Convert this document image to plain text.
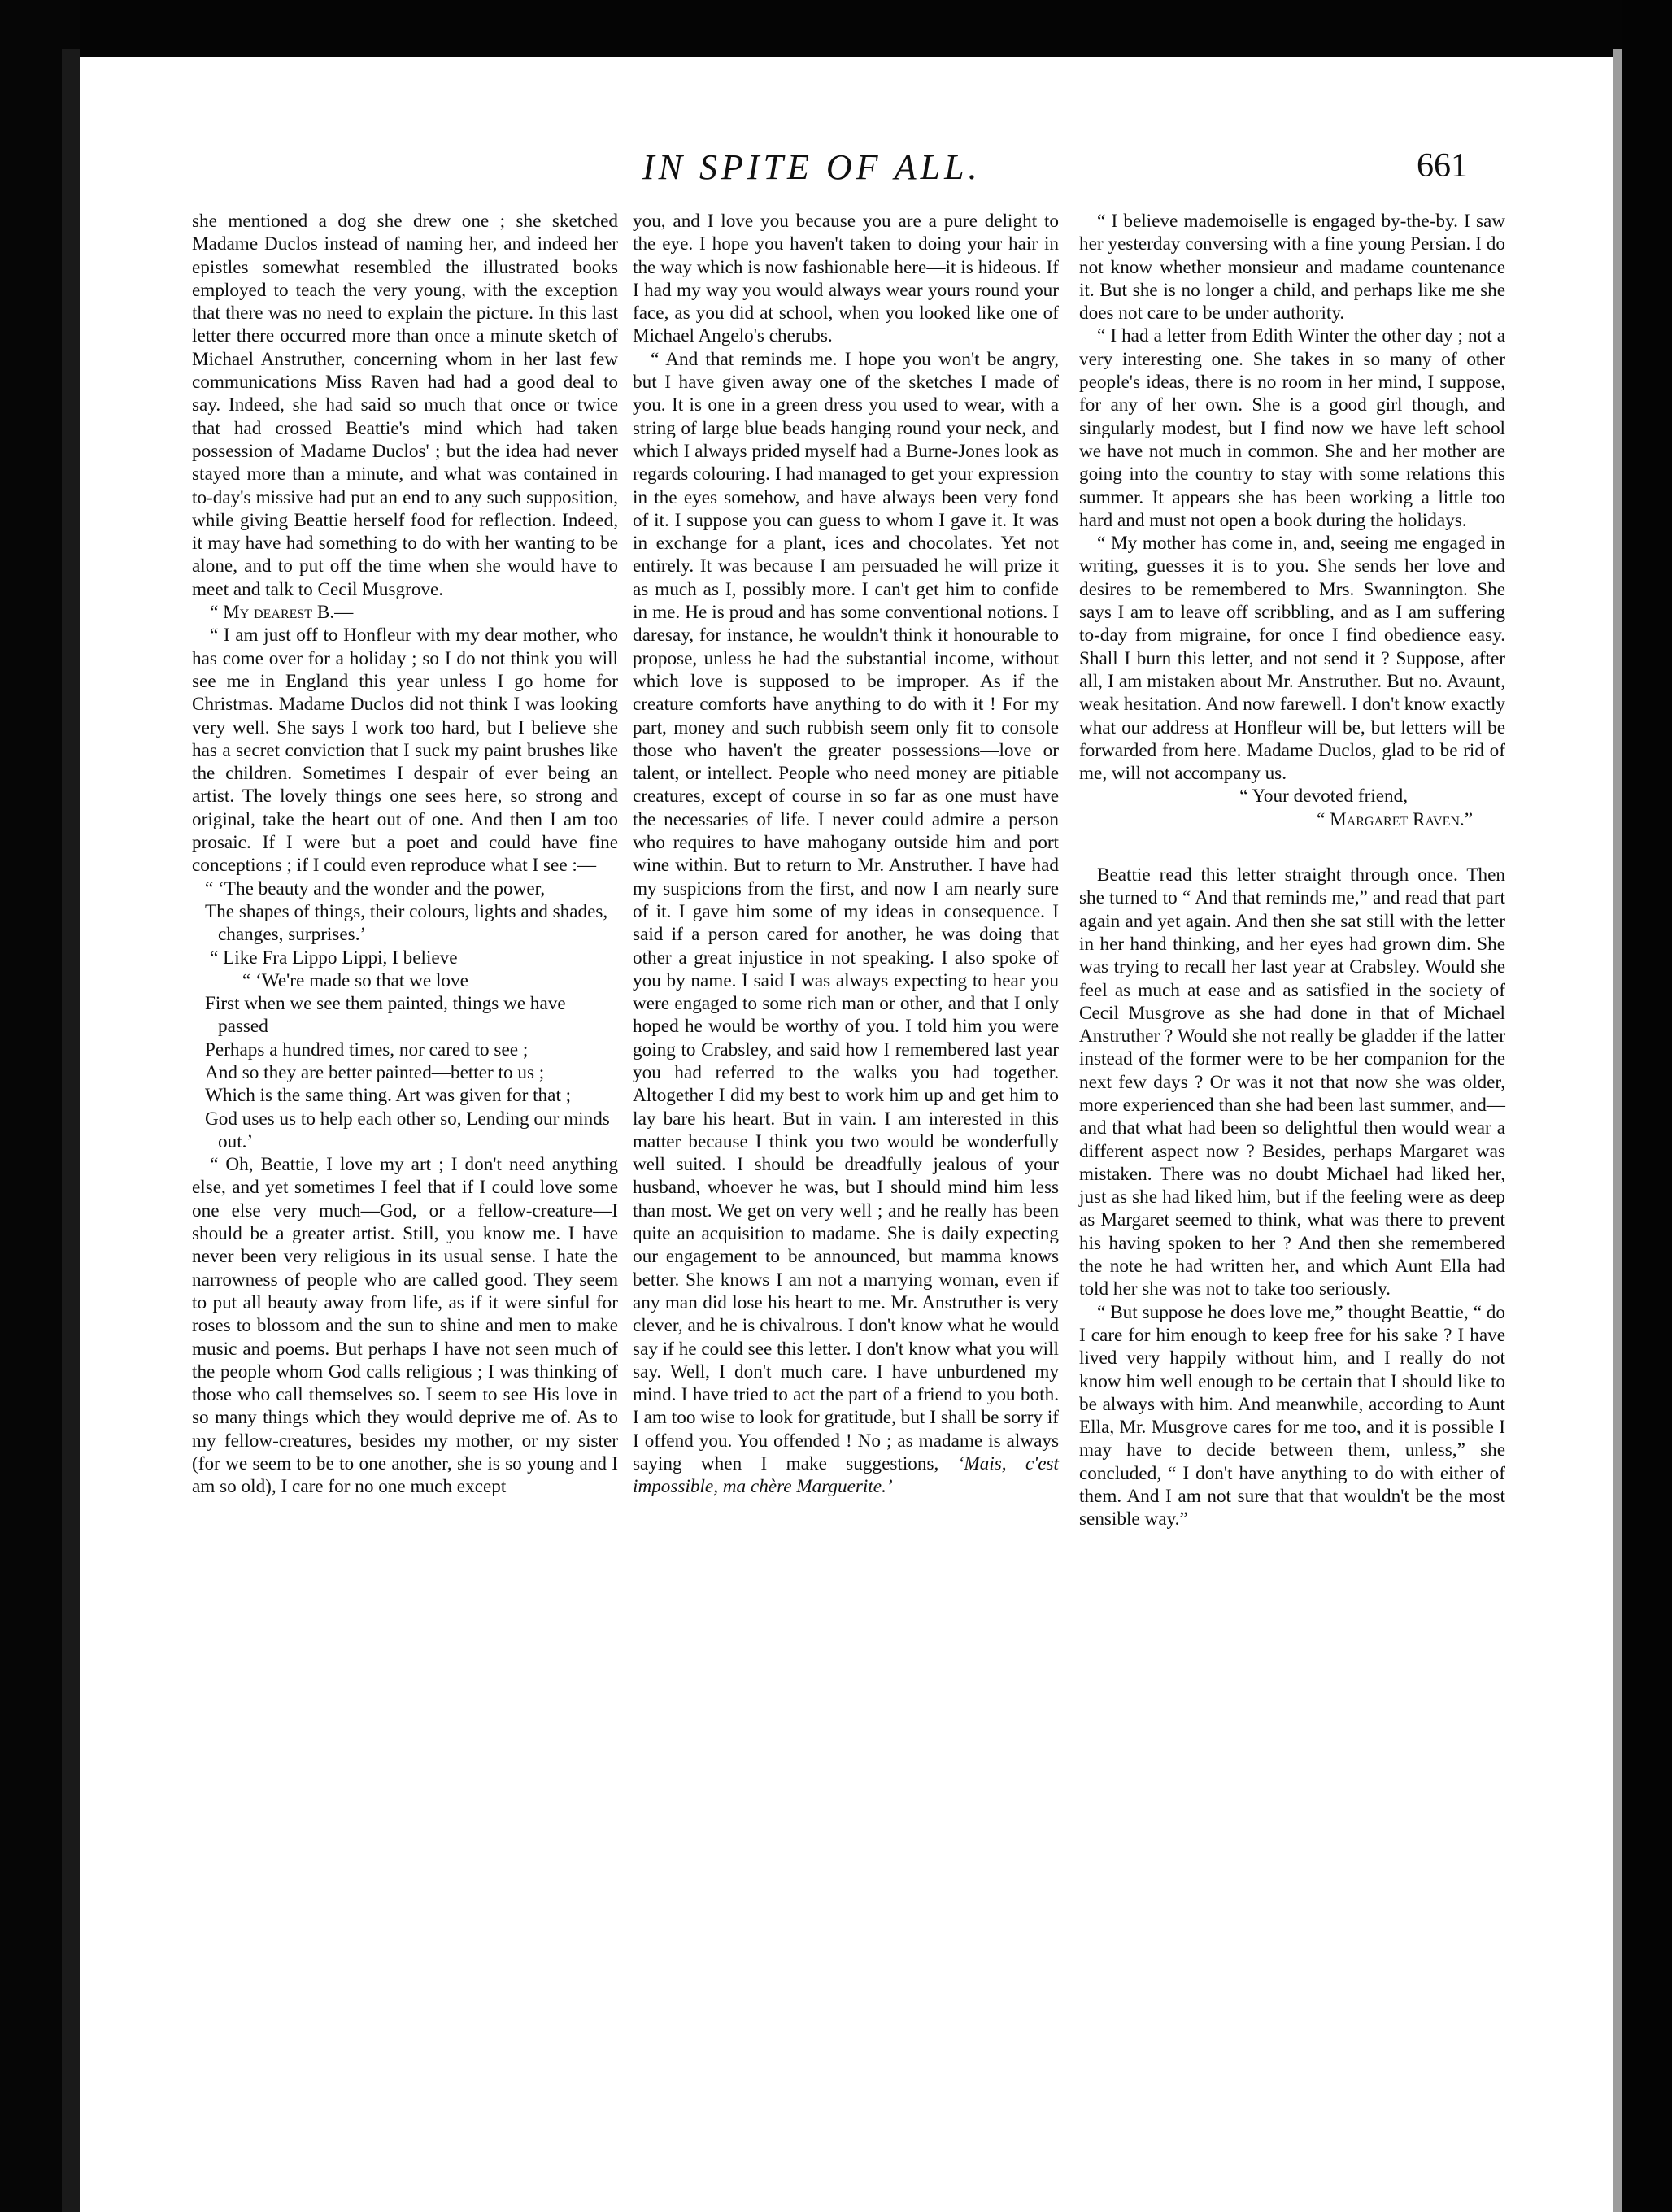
IN SPITE OF ALL.	661

she mentioned a dog she drew one ; she sketched Madame Duclos instead of naming her, and indeed her epistles somewhat resembled the illustrated books employed to teach the very young, with the exception that there was no need to explain the picture. In this last letter there occurred more than once a minute sketch of Michael Anstruther, concerning whom in her last few communications Miss Raven had had a good deal to say. Indeed, she had said so much that once or twice that had crossed Beattie's mind which had taken possession of Madame Duclos' ; but the idea had never stayed more than a minute, and what was contained in to-day's missive had put an end to any such supposition, while giving Beattie herself food for reflection. Indeed, it may have had something to do with her wanting to be alone, and to put off the time when she would have to meet and talk to Cecil Musgrove.

“ My dearest B.—

“ I am just off to Honfleur with my dear mother, who has come over for a holiday ; so I do not think you will see me in England this year unless I go home for Christmas. Madame Duclos did not think I was looking very well. She says I work too hard, but I believe she has a secret conviction that I suck my paint brushes like the children. Sometimes I despair of ever being an artist. The lovely things one sees here, so strong and original, take the heart out of one. And then I am too prosaic. If I were but a poet and could have fine conceptions ; if I could even reproduce what I see :—

“ ‘The beauty and the wonder and the power,
The shapes of things, their colours, lights and shades, changes, surprises.’

“ Like Fra Lippo Lippi, I believe

“ ‘We're made so that we love
First when we see them painted, things we have passed
Perhaps a hundred times, nor cared to see ;
And so they are better painted—better to us ;
Which is the same thing. Art was given for that ;
God uses us to help each other so, Lending our minds out.’

“ Oh, Beattie, I love my art ; I don't need anything else, and yet sometimes I feel that if I could love some one else very much—God, or a fellow-creature—I should be a greater artist. Still, you know me. I have never been very religious in its usual sense. I hate the narrowness of people who are called good. They seem to put all beauty away from life, as if it were sinful for roses to blossom and the sun to shine and men to make music and poems. But perhaps I have not seen much of the people whom God calls religious ; I was thinking of those who call themselves so. I seem to see His love in so many things which they would deprive me of. As to my fellow-creatures, besides my mother, or my sister (for we seem to be to one another, she is so young and I am so old), I care for no one much except

you, and I love you because you are a pure delight to the eye. I hope you haven't taken to doing your hair in the way which is now fashionable here—it is hideous. If I had my way you would always wear yours round your face, as you did at school, when you looked like one of Michael Angelo's cherubs.

“ And that reminds me. I hope you won't be angry, but I have given away one of the sketches I made of you. It is one in a green dress you used to wear, with a string of large blue beads hanging round your neck, and which I always prided myself had a Burne-Jones look as regards colouring. I had managed to get your expression in the eyes somehow, and have always been very fond of it. I suppose you can guess to whom I gave it. It was in exchange for a plant, ices and chocolates. Yet not entirely. It was because I am persuaded he will prize it as much as I, possibly more. I can't get him to confide in me. He is proud and has some conventional notions. I daresay, for instance, he wouldn't think it honourable to propose, unless he had the substantial income, without which love is supposed to be improper. As if the creature comforts have anything to do with it ! For my part, money and such rubbish seem only fit to console those who haven't the greater possessions—love or talent, or intellect. People who need money are pitiable creatures, except of course in so far as one must have the necessaries of life. I never could admire a person who requires to have mahogany outside him and port wine within. But to return to Mr. Anstruther. I have had my suspicions from the first, and now I am nearly sure of it. I gave him some of my ideas in consequence. I said if a person cared for another, he was doing that other a great injustice in not speaking. I also spoke of you by name. I said I was always expecting to hear you were engaged to some rich man or other, and that I only hoped he would be worthy of you. I told him you were going to Crabsley, and said how I remembered last year you had referred to the walks you had together. Altogether I did my best to work him up and get him to lay bare his heart. But in vain. I am interested in this matter because I think you two would be wonderfully well suited. I should be dreadfully jealous of your husband, whoever he was, but I should mind him less than most. We get on very well ; and he really has been quite an acquisition to madame. She is daily expecting our engagement to be announced, but mamma knows better. She knows I am not a marrying woman, even if any man did lose his heart to me. Mr. Anstruther is very clever, and he is chivalrous. I don't know what he would say if he could see this letter. I don't know what you will say. Well, I don't much care. I have unburdened my mind. I have tried to act the part of a friend to you both. I am too wise to look for gratitude, but I shall be sorry if I offend you. You offended ! No ; as madame is always saying when I make suggestions, ‘Mais, c'est impossible, ma chère Marguerite.’

“ I believe mademoiselle is engaged by-the-by. I saw her yesterday conversing with a fine young Persian. I do not know whether monsieur and madame countenance it. But she is no longer a child, and perhaps like me she does not care to be under authority.

“ I had a letter from Edith Winter the other day ; not a very interesting one. She takes in so many of other people's ideas, there is no room in her mind, I suppose, for any of her own. She is a good girl though, and singularly modest, but I find now we have left school we have not much in common. She and her mother are going into the country to stay with some relations this summer. It appears she has been working a little too hard and must not open a book during the holidays.

“ My mother has come in, and, seeing me engaged in writing, guesses it is to you. She sends her love and desires to be remembered to Mrs. Swannington. She says I am to leave off scribbling, and as I am suffering to-day from migraine, for once I find obedience easy. Shall I burn this letter, and not send it ? Suppose, after all, I am mistaken about Mr. Anstruther. But no. Avaunt, weak hesitation. And now farewell. I don't know exactly what our address at Honfleur will be, but letters will be forwarded from here. Madame Duclos, glad to be rid of me, will not accompany us.

“ Your devoted friend,

“ Margaret Raven.”

Beattie read this letter straight through once. Then she turned to “ And that reminds me,” and read that part again and yet again. And then she sat still with the letter in her hand thinking, and her eyes had grown dim. She was trying to recall her last year at Crabsley. Would she feel as much at ease and as satisfied in the society of Cecil Musgrove as she had done in that of Michael Anstruther ? Would she not really be gladder if the latter instead of the former were to be her companion for the next few days ? Or was it not that now she was older, more experienced than she had been last summer, and—and that what had been so delightful then would wear a different aspect now ? Besides, perhaps Margaret was mistaken. There was no doubt Michael had liked her, just as she had liked him, but if the feeling were as deep as Margaret seemed to think, what was there to prevent his having spoken to her ? And then she remembered the note he had written her, and which Aunt Ella had told her she was not to take too seriously.

“ But suppose he does love me,” thought Beattie, “ do I care for him enough to keep free for his sake ? I have lived very happily without him, and I really do not know him well enough to be certain that I should like to be always with him. And meanwhile, according to Aunt Ella, Mr. Musgrove cares for me too, and it is possible I may have to decide between them, unless,” she concluded, “ I don't have anything to do with either of them. And I am not sure that that wouldn't be the most sensible way.”
